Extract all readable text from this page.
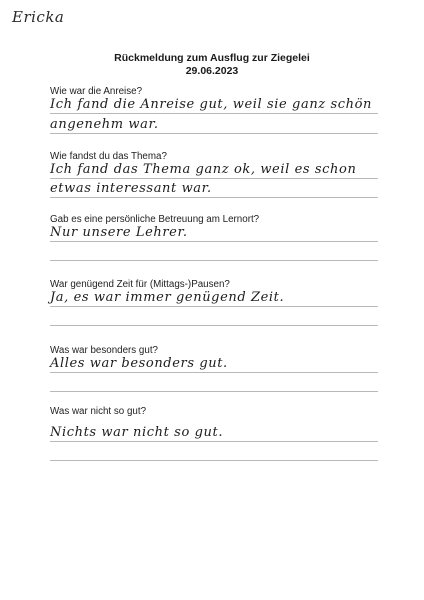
Ericka
Rückmeldung zum Ausflug zur Ziegelei
29.06.2023
Wie war die Anreise?
Ich fand die Anreise gut, weil sie ganz schön
angenehm war.
Wie fandst du das Thema?
Ich fand das Thema ganz ok, weil es schon
etwas interessant war.
Gab es eine persönliche Betreuung am Lernort?
Nur unsere Lehrer.
War genügend Zeit für (Mittags-)Pausen?
Ja, es war immer genügend Zeit.
Was war besonders gut?
Alles war besonders gut.
Was war nicht so gut?
Nichts war nicht so gut.
